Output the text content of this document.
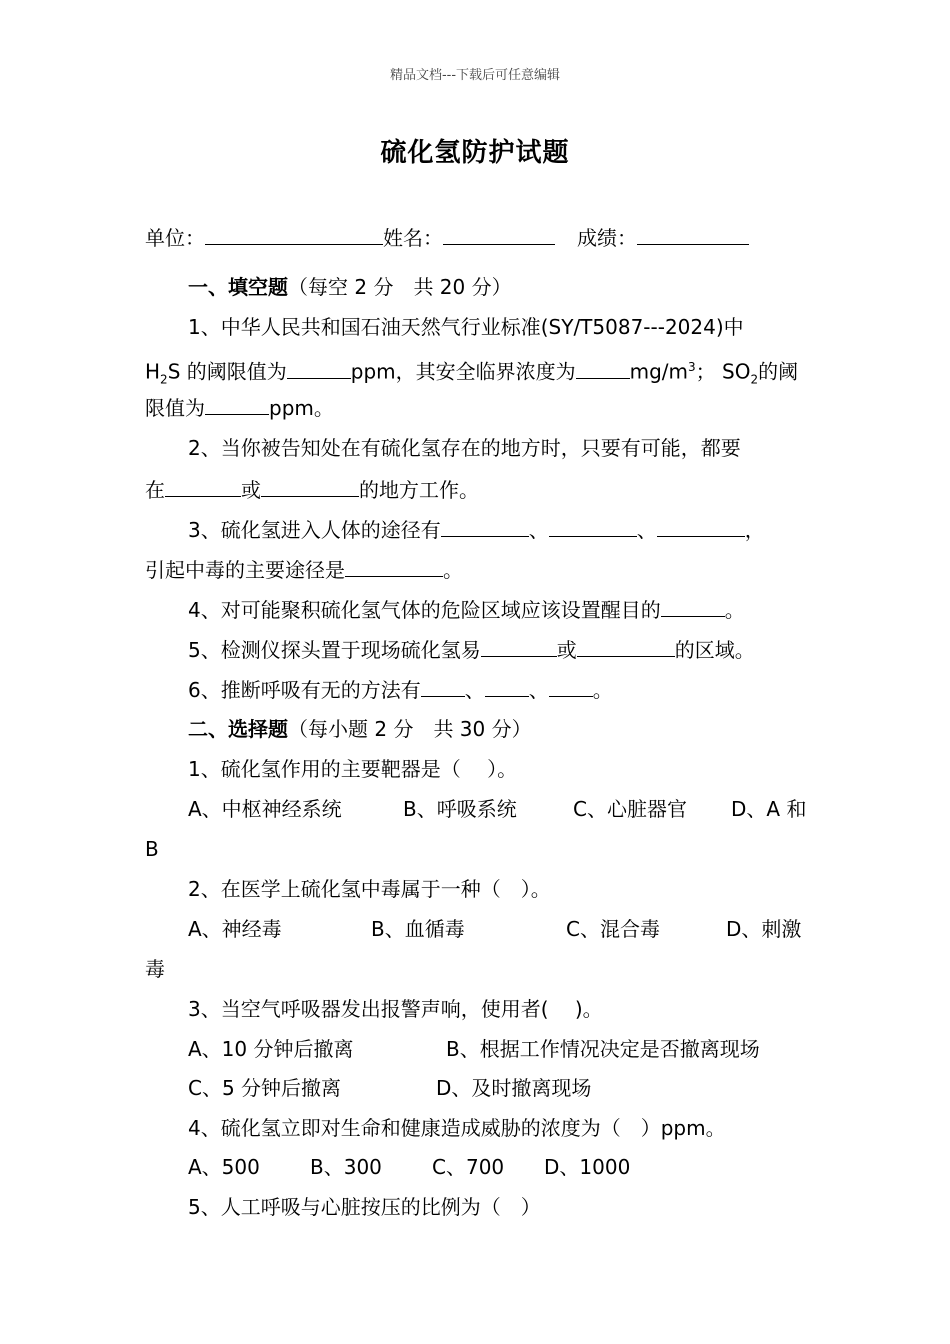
精品文档---下载后可任意编辑
硫化氢防护试题
单位：	姓名：	成绩：
一、填空题（每空 2 分　共 20 分）
1、中华人民共和国石油天然气行业标准(SY/T5087---2024)中
$H_2S$ 的阈限值为	ppm，其安全临界浓度为	$mg/m^3$； $SO_2$的阈
限值为	ppm。
2、当你被告知处在有硫化氢存在的地方时，只要有可能，都要
在	或	的地方工作。
3、硫化氢进入人体的途径有	、	、	，
引起中毒的主要途径是	。
4、对可能聚积硫化氢气体的危险区域应该设置醒目的	。
5、检测仪探头置于现场硫化氢易	或	的区域。
6、推断呼吸有无的方法有 、 、 。
二、选择题（每小题 2 分　共 30 分）
1、硫化氢作用的主要靶器是（　 ）。
A、中枢神经系统	B、呼吸系统	C、心脏器官 D、A 和
B
2、在医学上硫化氢中毒属于一种（　）。
A、神经毒	B、血循毒	C、混合毒	D、刺激
毒
3、当空气呼吸器发出报警声响，使用者(　 )。
A、10 分钟后撤离	B、根据工作情况决定是否撤离现场
C、5 分钟后撤离	D、及时撤离现场
4、硫化氢立即对生命和健康造成威胁的浓度为（　）ppm。
A、500	B、300	C、700 D、1000
5、人工呼吸与心脏按压的比例为（　）
